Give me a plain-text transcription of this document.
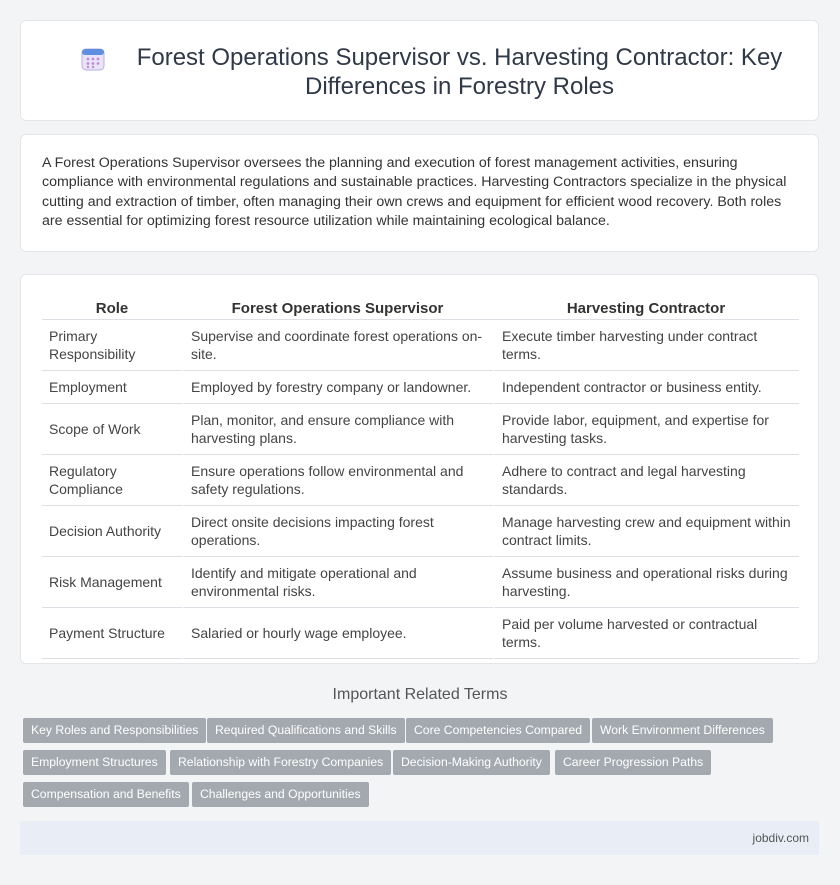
Forest Operations Supervisor vs. Harvesting Contractor: Key Differences in Forestry Roles

A Forest Operations Supervisor oversees the planning and execution of forest management activities, ensuring compliance with environmental regulations and sustainable practices. Harvesting Contractors specialize in the physical cutting and extraction of timber, often managing their own crews and equipment for efficient wood recovery. Both roles are essential for optimizing forest resource utilization while maintaining ecological balance.

Role	Forest Operations Supervisor	Harvesting Contractor
Primary Responsibility	Supervise and coordinate forest operations on-site.	Execute timber harvesting under contract terms.
Employment	Employed by forestry company or landowner.	Independent contractor or business entity.
Scope of Work	Plan, monitor, and ensure compliance with harvesting plans.	Provide labor, equipment, and expertise for harvesting tasks.
Regulatory Compliance	Ensure operations follow environmental and safety regulations.	Adhere to contract and legal harvesting standards.
Decision Authority	Direct onsite decisions impacting forest operations.	Manage harvesting crew and equipment within contract limits.
Risk Management	Identify and mitigate operational and environmental risks.	Assume business and operational risks during harvesting.
Payment Structure	Salaried or hourly wage employee.	Paid per volume harvested or contractual terms.
Important Related Terms
Key Roles and Responsibilities	Required Qualifications and Skills	Core Competencies Compared	Work Environment Differences
Employment Structures	Relationship with Forestry Companies	Decision-Making Authority	Career Progression Paths
Compensation and Benefits	Challenges and Opportunities
jobdiv.com
